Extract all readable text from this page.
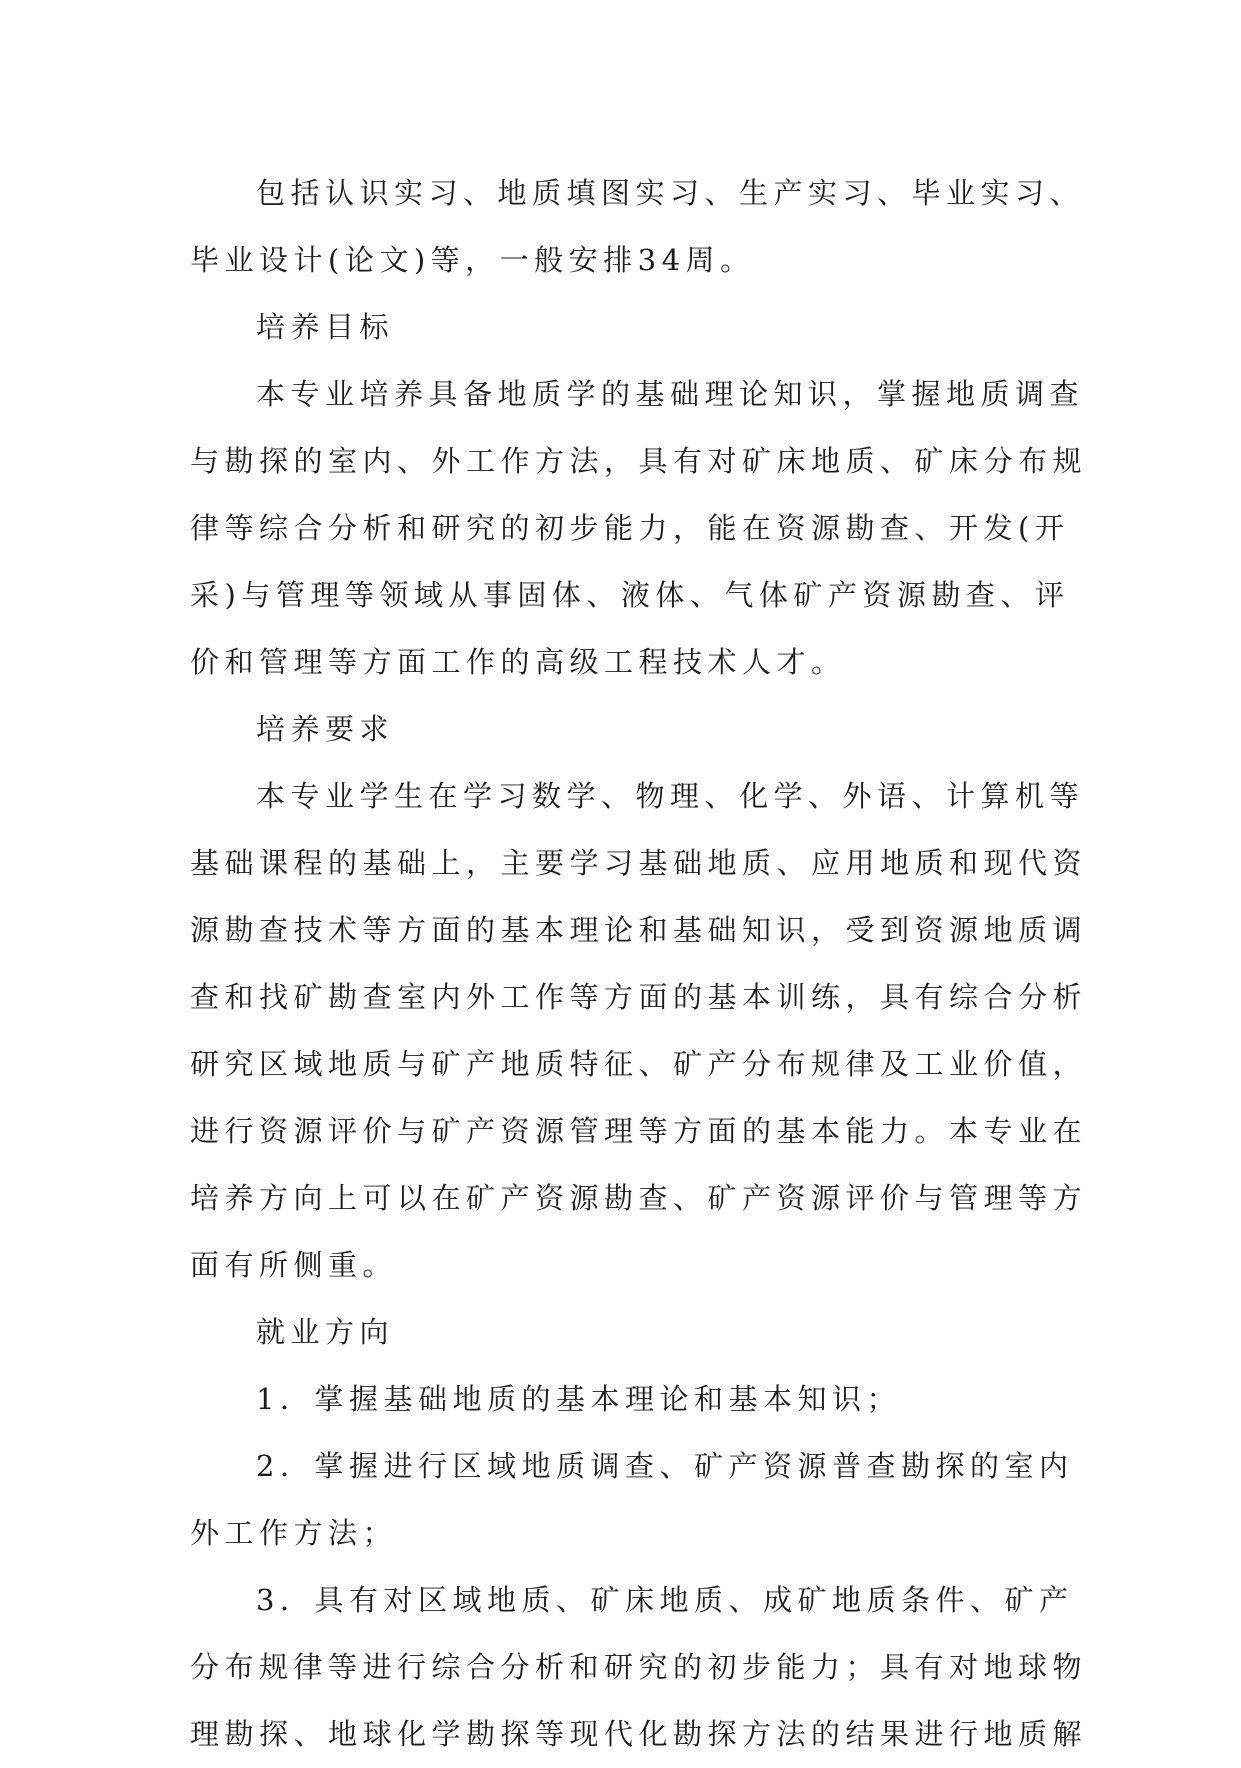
包括认识实习、地质填图实习、生产实习、毕业实习、

毕业设计(论文)等，一般安排34周。

培养目标

本专业培养具备地质学的基础理论知识，掌握地质调查

与勘探的室内、外工作方法，具有对矿床地质、矿床分布规

律等综合分析和研究的初步能力，能在资源勘查、开发(开

采)与管理等领域从事固体、液体、气体矿产资源勘查、评

价和管理等方面工作的高级工程技术人才。

培养要求

本专业学生在学习数学、物理、化学、外语、计算机等

基础课程的基础上，主要学习基础地质、应用地质和现代资

源勘查技术等方面的基本理论和基础知识，受到资源地质调

查和找矿勘查室内外工作等方面的基本训练，具有综合分析

研究区域地质与矿产地质特征、矿产分布规律及工业价值，

进行资源评价与矿产资源管理等方面的基本能力。本专业在

培养方向上可以在矿产资源勘查、矿产资源评价与管理等方

面有所侧重。

就业方向

1．掌握基础地质的基本理论和基本知识；

2．掌握进行区域地质调查、矿产资源普查勘探的室内

外工作方法；

3．具有对区域地质、矿床地质、成矿地质条件、矿产

分布规律等进行综合分析和研究的初步能力；具有对地球物

理勘探、地球化学勘探等现代化勘探方法的结果进行地质解
